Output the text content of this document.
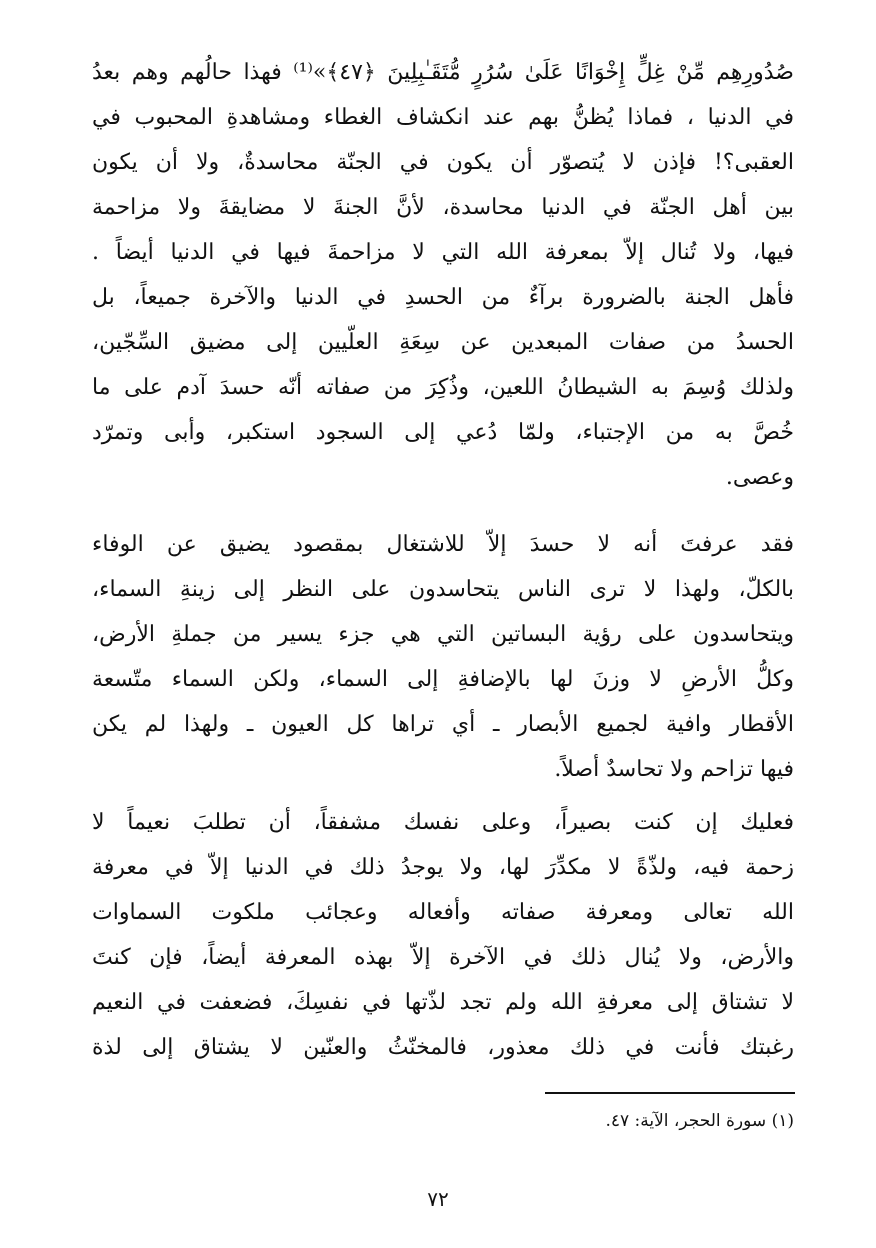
صُدُورِهِم مِّنْ غِلٍّ إِخْوَانًا عَلَىٰ سُرُرٍ مُّتَقَـٰبِلِينَ ﴿٤٧﴾»⁽¹⁾ فهذا حالُهم وهم بعدُ
في الدنيا ، فماذا يُظنُّ بهم عند انكشاف الغطاء ومشاهدةِ المحبوب في
العقبى؟! فإذن لا يُتصوّر أن يكون في الجنّة محاسدةٌ، ولا أن يكون
بين أهل الجنّة في الدنيا محاسدة، لأنَّ الجنةَ لا مضايقةَ ولا مزاحمة
فيها، ولا تُنال إلاّ بمعرفة الله التي لا مزاحمةَ فيها في الدنيا أيضاً .
فأهل الجنة بالضرورة برآءٌ من الحسدِ في الدنيا والآخرة جميعاً، بل
الحسدُ من صفات المبعدين عن سِعَةِ العلّيين إلى مضيق السِّجّين،
ولذلك وُسِمَ به الشيطانُ اللعين، وذُكِرَ من صفاته أنّه حسدَ آدم على ما
خُصَّ به من الإجتباء، ولمّا دُعي إلى السجود استكبر، وأبى وتمرّد
وعصى.
فقد عرفتَ أنه لا حسدَ إلاّ للاشتغال بمقصود يضيق عن الوفاء
بالكلّ، ولهذا لا ترى الناس يتحاسدون على النظر إلى زينةِ السماء،
ويتحاسدون على رؤية البساتين التي هي جزء يسير من جملةِ الأرض،
وكلُّ الأرضِ لا وزنَ لها بالإضافةِ إلى السماء، ولكن السماء متّسعة
الأقطار وافية لجميع الأبصار ـ أي تراها كل العيون ـ ولهذا لم يكن
فيها تزاحم ولا تحاسدٌ أصلاً.
فعليك إن كنت بصيراً، وعلى نفسك مشفقاً، أن تطلبَ نعيماً لا
زحمة فيه، ولذّةً لا مكدِّرَ لها، ولا يوجدُ ذلك في الدنيا إلاّ في معرفة
الله تعالى ومعرفة صفاته وأفعاله وعجائب ملكوت السماوات
والأرض، ولا يُنال ذلك في الآخرة إلاّ بهذه المعرفة أيضاً، فإن كنتَ
لا تشتاق إلى معرفةِ الله ولم تجد لذّتها في نفسِكَ، فضعفت في النعيم
رغبتك فأنت في ذلك معذور، فالمخنّثُ والعنّين لا يشتاق إلى لذة
(١) سورة الحجر، الآية: ٤٧.
٧٢
